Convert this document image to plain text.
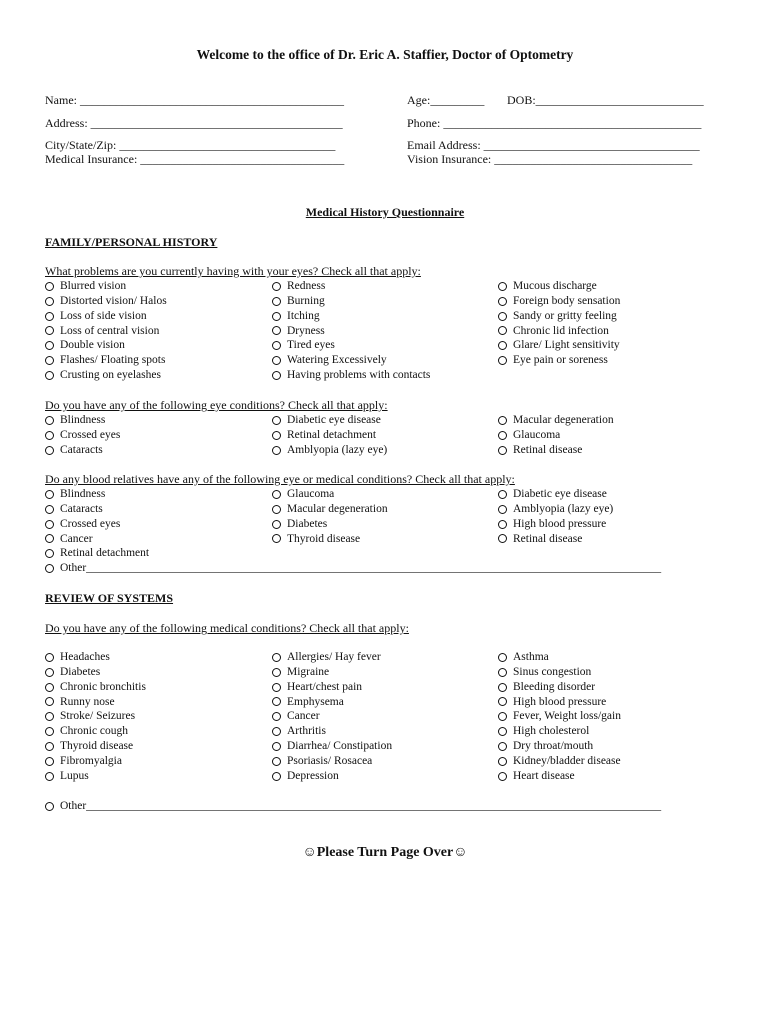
Welcome to the office of Dr. Eric A. Staffier, Doctor of Optometry
Name: ____________________________________________	Age:_________ DOB:____________________________
Address: __________________________________________	Phone: ___________________________________________
City/State/Zip: ____________________________________	Email Address: ____________________________________
Medical Insurance: __________________________________	Vision Insurance: _________________________________
Medical History Questionnaire
FAMILY/PERSONAL HISTORY
What problems are you currently having with your eyes? Check all that apply:
Blurred vision
Distorted vision/ Halos
Loss of side vision
Loss of central vision
Double vision
Flashes/ Floating spots
Crusting on eyelashes
Redness
Burning
Itching
Dryness
Tired eyes
Watering Excessively
Having problems with contacts
Mucous discharge
Foreign body sensation
Sandy or gritty feeling
Chronic lid infection
Glare/ Light sensitivity
Eye pain or soreness
Do you have any of the following eye conditions? Check all that apply:
Blindness
Crossed eyes
Cataracts
Diabetic eye disease
Retinal detachment
Amblyopia (lazy eye)
Macular degeneration
Glaucoma
Retinal disease
Do any blood relatives have any of the following eye or medical conditions? Check all that apply:
Blindness
Cataracts
Crossed eyes
Cancer
Retinal detachment
Glaucoma
Macular degeneration
Diabetes
Thyroid disease
Diabetic eye disease
Amblyopia (lazy eye)
High blood pressure
Retinal disease
Other____________________________________________________________________________________________________
REVIEW OF SYSTEMS
Do you have any of the following medical conditions? Check all that apply:
Headaches
Diabetes
Chronic bronchitis
Runny nose
Stroke/ Seizures
Chronic cough
Thyroid disease
Fibromyalgia
Lupus
Allergies/ Hay fever
Migraine
Heart/chest pain
Emphysema
Cancer
Arthritis
Diarrhea/ Constipation
Psoriasis/ Rosacea
Depression
Asthma
Sinus congestion
Bleeding disorder
High blood pressure
Fever, Weight loss/gain
High cholesterol
Dry throat/mouth
Kidney/bladder disease
Heart disease
Other____________________________________________________________________________________________________
☺Please Turn Page Over☺
